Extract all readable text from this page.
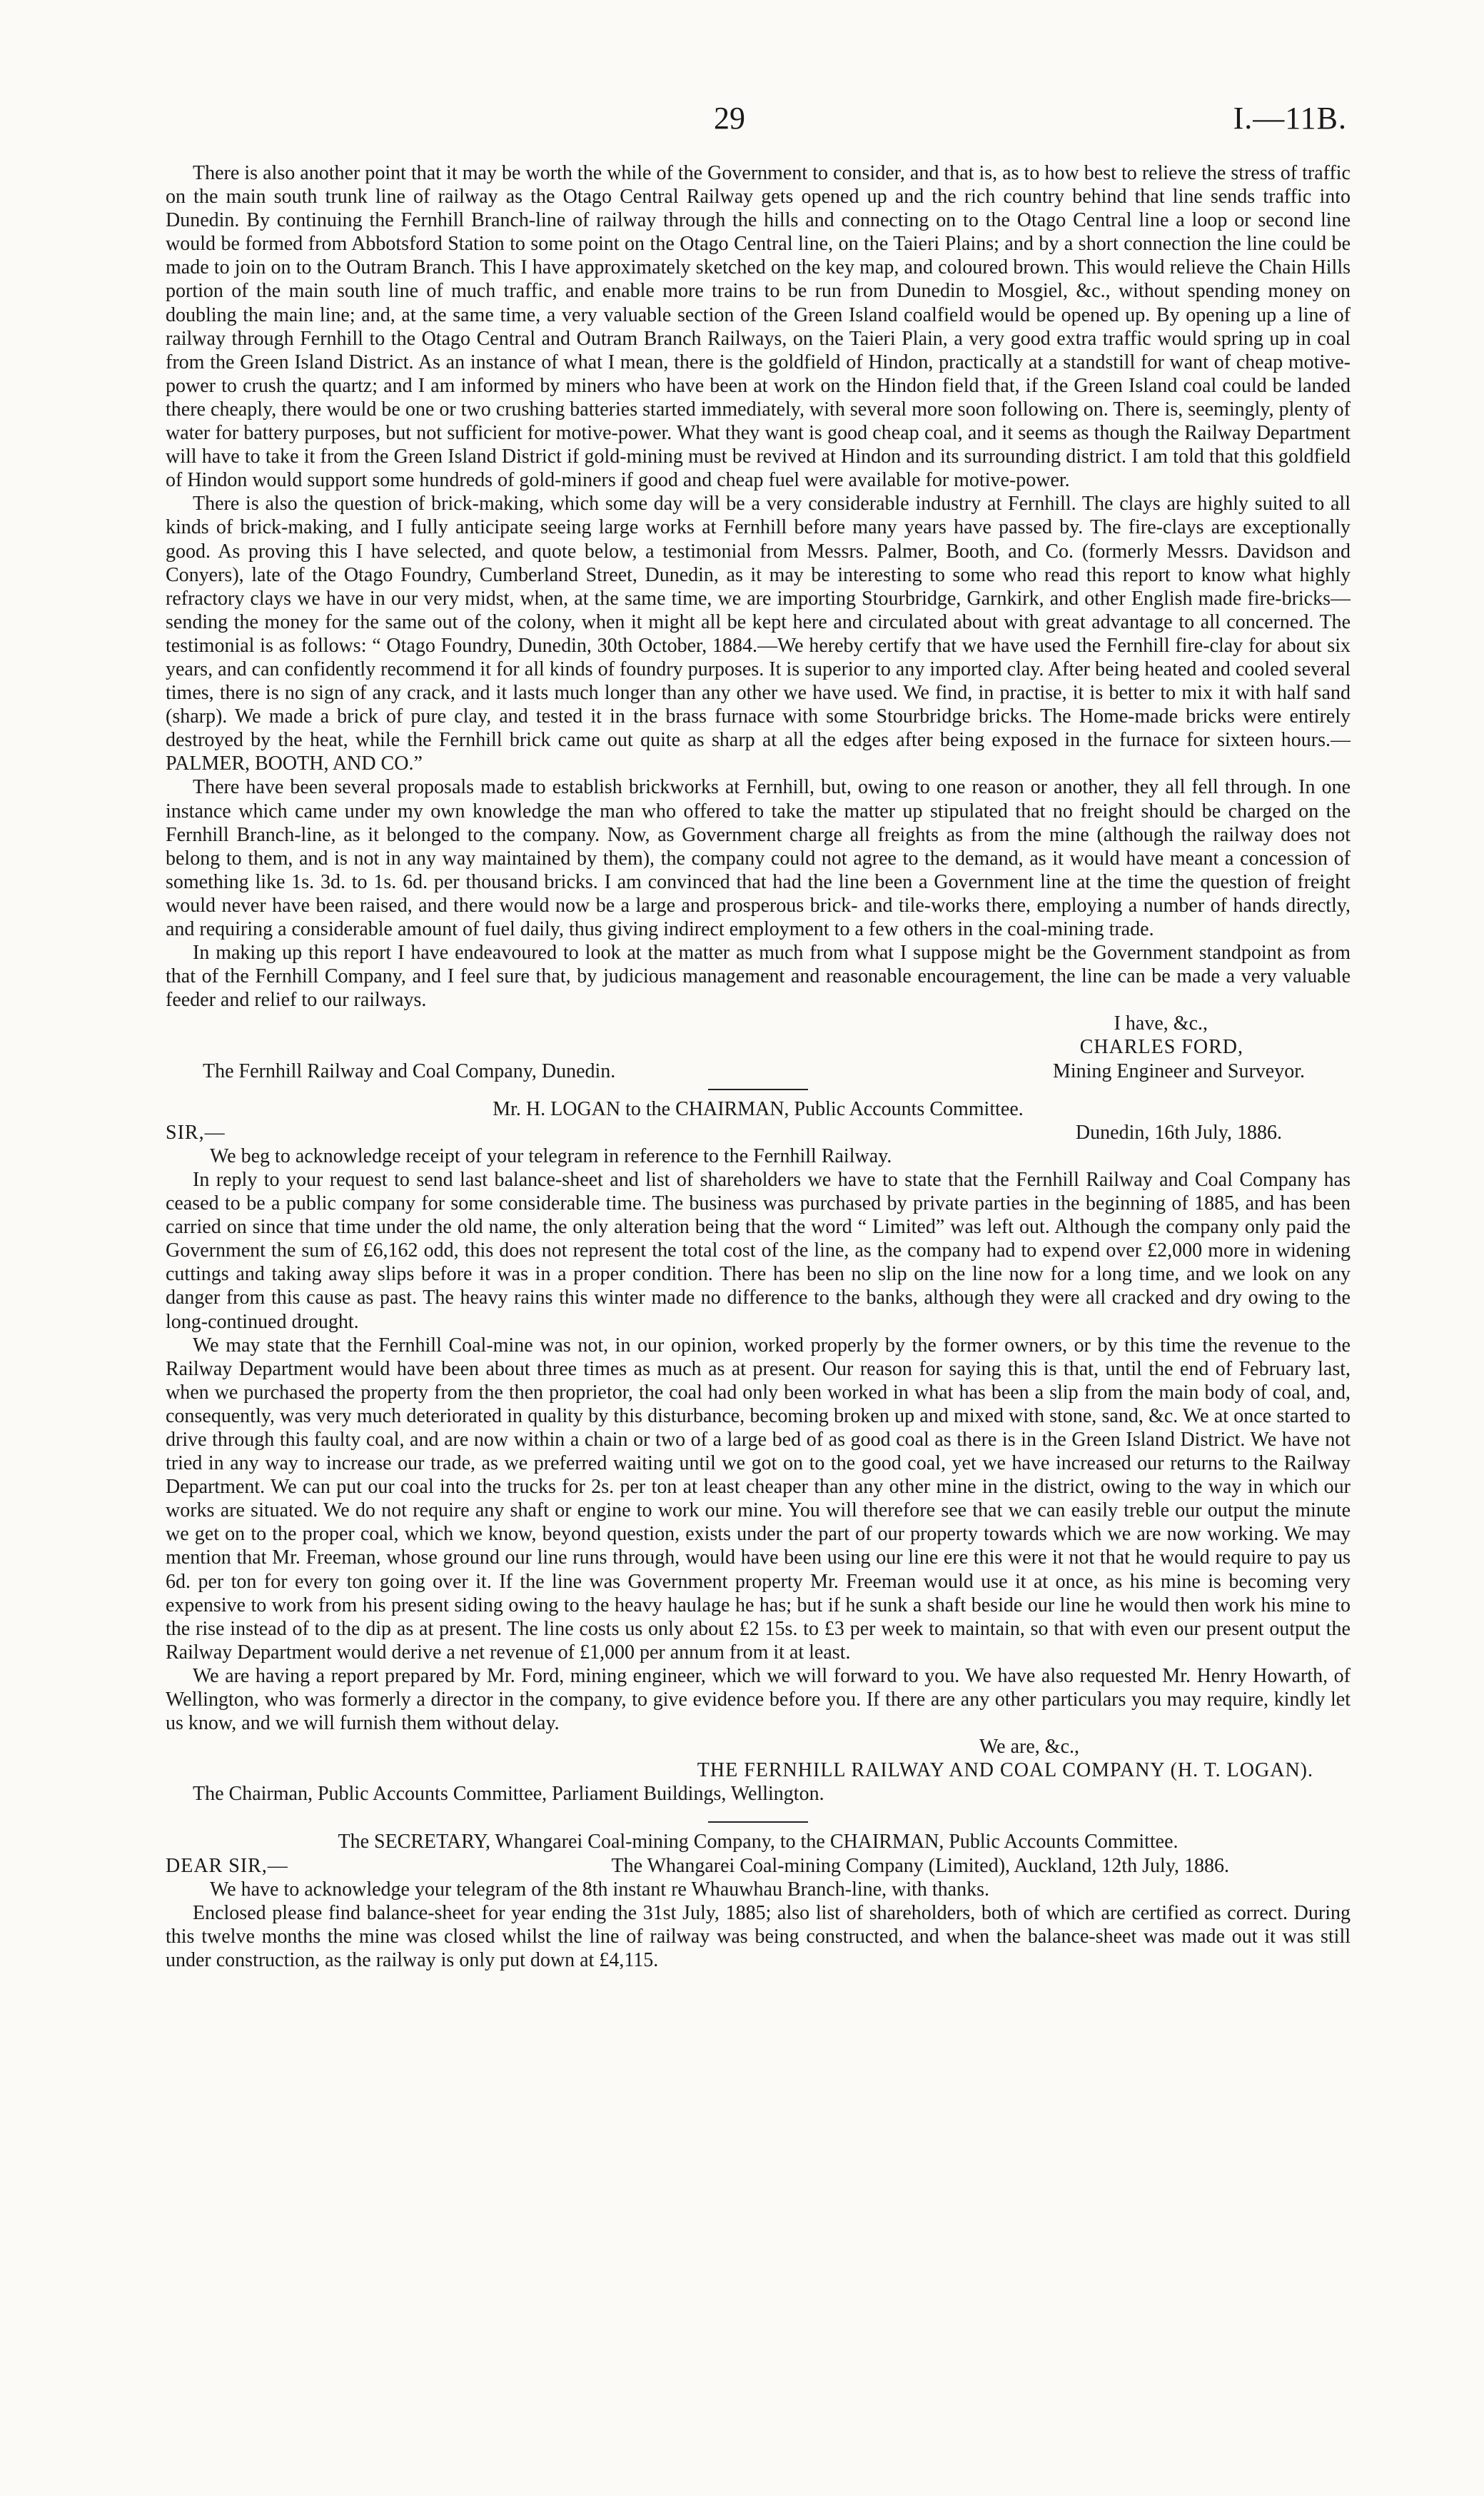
29	I.—11B.

There is also another point that it may be worth the while of the Government to consider, and that is, as to how best to relieve the stress of traffic on the main south trunk line of railway as the Otago Central Railway gets opened up and the rich country behind that line sends traffic into Dunedin. By continuing the Fernhill Branch-line of railway through the hills and connecting on to the Otago Central line a loop or second line would be formed from Abbotsford Station to some point on the Otago Central line, on the Taieri Plains; and by a short connection the line could be made to join on to the Outram Branch. This I have approximately sketched on the key map, and coloured brown. This would relieve the Chain Hills portion of the main south line of much traffic, and enable more trains to be run from Dunedin to Mosgiel, &c., without spending money on doubling the main line; and, at the same time, a very valuable section of the Green Island coalfield would be opened up. By opening up a line of railway through Fernhill to the Otago Central and Outram Branch Railways, on the Taieri Plain, a very good extra traffic would spring up in coal from the Green Island District. As an instance of what I mean, there is the goldfield of Hindon, practically at a standstill for want of cheap motive-power to crush the quartz; and I am informed by miners who have been at work on the Hindon field that, if the Green Island coal could be landed there cheaply, there would be one or two crushing batteries started immediately, with several more soon following on. There is, seemingly, plenty of water for battery purposes, but not sufficient for motive-power. What they want is good cheap coal, and it seems as though the Railway Department will have to take it from the Green Island District if gold-mining must be revived at Hindon and its surrounding district. I am told that this goldfield of Hindon would support some hundreds of gold-miners if good and cheap fuel were available for motive-power.

There is also the question of brick-making, which some day will be a very considerable industry at Fernhill. The clays are highly suited to all kinds of brick-making, and I fully anticipate seeing large works at Fernhill before many years have passed by. The fire-clays are exceptionally good. As proving this I have selected, and quote below, a testimonial from Messrs. Palmer, Booth, and Co. (formerly Messrs. Davidson and Conyers), late of the Otago Foundry, Cumberland Street, Dunedin, as it may be interesting to some who read this report to know what highly refractory clays we have in our very midst, when, at the same time, we are importing Stourbridge, Garnkirk, and other English made fire-bricks—sending the money for the same out of the colony, when it might all be kept here and circulated about with great advantage to all concerned. The testimonial is as follows: “ Otago Foundry, Dunedin, 30th October, 1884.—We hereby certify that we have used the Fernhill fire-clay for about six years, and can confidently recommend it for all kinds of foundry purposes. It is superior to any imported clay. After being heated and cooled several times, there is no sign of any crack, and it lasts much longer than any other we have used. We find, in practise, it is better to mix it with half sand (sharp). We made a brick of pure clay, and tested it in the brass furnace with some Stourbridge bricks. The Home-made bricks were entirely destroyed by the heat, while the Fernhill brick came out quite as sharp at all the edges after being exposed in the furnace for sixteen hours.—PALMER, BOOTH, AND CO.”

There have been several proposals made to establish brickworks at Fernhill, but, owing to one reason or another, they all fell through. In one instance which came under my own knowledge the man who offered to take the matter up stipulated that no freight should be charged on the Fernhill Branch-line, as it belonged to the company. Now, as Government charge all freights as from the mine (although the railway does not belong to them, and is not in any way maintained by them), the company could not agree to the demand, as it would have meant a concession of something like 1s. 3d. to 1s. 6d. per thousand bricks. I am convinced that had the line been a Government line at the time the question of freight would never have been raised, and there would now be a large and prosperous brick- and tile-works there, employing a number of hands directly, and requiring a considerable amount of fuel daily, thus giving indirect employment to a few others in the coal-mining trade.

In making up this report I have endeavoured to look at the matter as much from what I suppose might be the Government standpoint as from that of the Fernhill Company, and I feel sure that, by judicious management and reasonable encouragement, the line can be made a very valuable feeder and relief to our railways.

I have, &c.,
CHARLES FORD,
The Fernhill Railway and Coal Company, Dunedin.	Mining Engineer and Surveyor.

Mr. H. LOGAN to the CHAIRMAN, Public Accounts Committee.

SIR,—	Dunedin, 16th July, 1886.

We beg to acknowledge receipt of your telegram in reference to the Fernhill Railway.

In reply to your request to send last balance-sheet and list of shareholders we have to state that the Fernhill Railway and Coal Company has ceased to be a public company for some considerable time. The business was purchased by private parties in the beginning of 1885, and has been carried on since that time under the old name, the only alteration being that the word “ Limited” was left out. Although the company only paid the Government the sum of £6,162 odd, this does not represent the total cost of the line, as the company had to expend over £2,000 more in widening cuttings and taking away slips before it was in a proper condition. There has been no slip on the line now for a long time, and we look on any danger from this cause as past. The heavy rains this winter made no difference to the banks, although they were all cracked and dry owing to the long-continued drought.

We may state that the Fernhill Coal-mine was not, in our opinion, worked properly by the former owners, or by this time the revenue to the Railway Department would have been about three times as much as at present. Our reason for saying this is that, until the end of February last, when we purchased the property from the then proprietor, the coal had only been worked in what has been a slip from the main body of coal, and, consequently, was very much deteriorated in quality by this disturbance, becoming broken up and mixed with stone, sand, &c. We at once started to drive through this faulty coal, and are now within a chain or two of a large bed of as good coal as there is in the Green Island District. We have not tried in any way to increase our trade, as we preferred waiting until we got on to the good coal, yet we have increased our returns to the Railway Department. We can put our coal into the trucks for 2s. per ton at least cheaper than any other mine in the district, owing to the way in which our works are situated. We do not require any shaft or engine to work our mine. You will therefore see that we can easily treble our output the minute we get on to the proper coal, which we know, beyond question, exists under the part of our property towards which we are now working. We may mention that Mr. Freeman, whose ground our line runs through, would have been using our line ere this were it not that he would require to pay us 6d. per ton for every ton going over it. If the line was Government property Mr. Freeman would use it at once, as his mine is becoming very expensive to work from his present siding owing to the heavy haulage he has; but if he sunk a shaft beside our line he would then work his mine to the rise instead of to the dip as at present. The line costs us only about £2 15s. to £3 per week to maintain, so that with even our present output the Railway Department would derive a net revenue of £1,000 per annum from it at least.

We are having a report prepared by Mr. Ford, mining engineer, which we will forward to you. We have also requested Mr. Henry Howarth, of Wellington, who was formerly a director in the company, to give evidence before you. If there are any other particulars you may require, kindly let us know, and we will furnish them without delay.

We are, &c.,
THE FERNHILL RAILWAY AND COAL COMPANY (H. T. LOGAN).

The Chairman, Public Accounts Committee, Parliament Buildings, Wellington.

The SECRETARY, Whangarei Coal-mining Company, to the CHAIRMAN, Public Accounts Committee.

DEAR SIR,—	The Whangarei Coal-mining Company (Limited), Auckland, 12th July, 1886.

We have to acknowledge your telegram of the 8th instant re Whauwhau Branch-line, with thanks.

Enclosed please find balance-sheet for year ending the 31st July, 1885; also list of shareholders, both of which are certified as correct. During this twelve months the mine was closed whilst the line of railway was being constructed, and when the balance-sheet was made out it was still under construction, as the railway is only put down at £4,115.
